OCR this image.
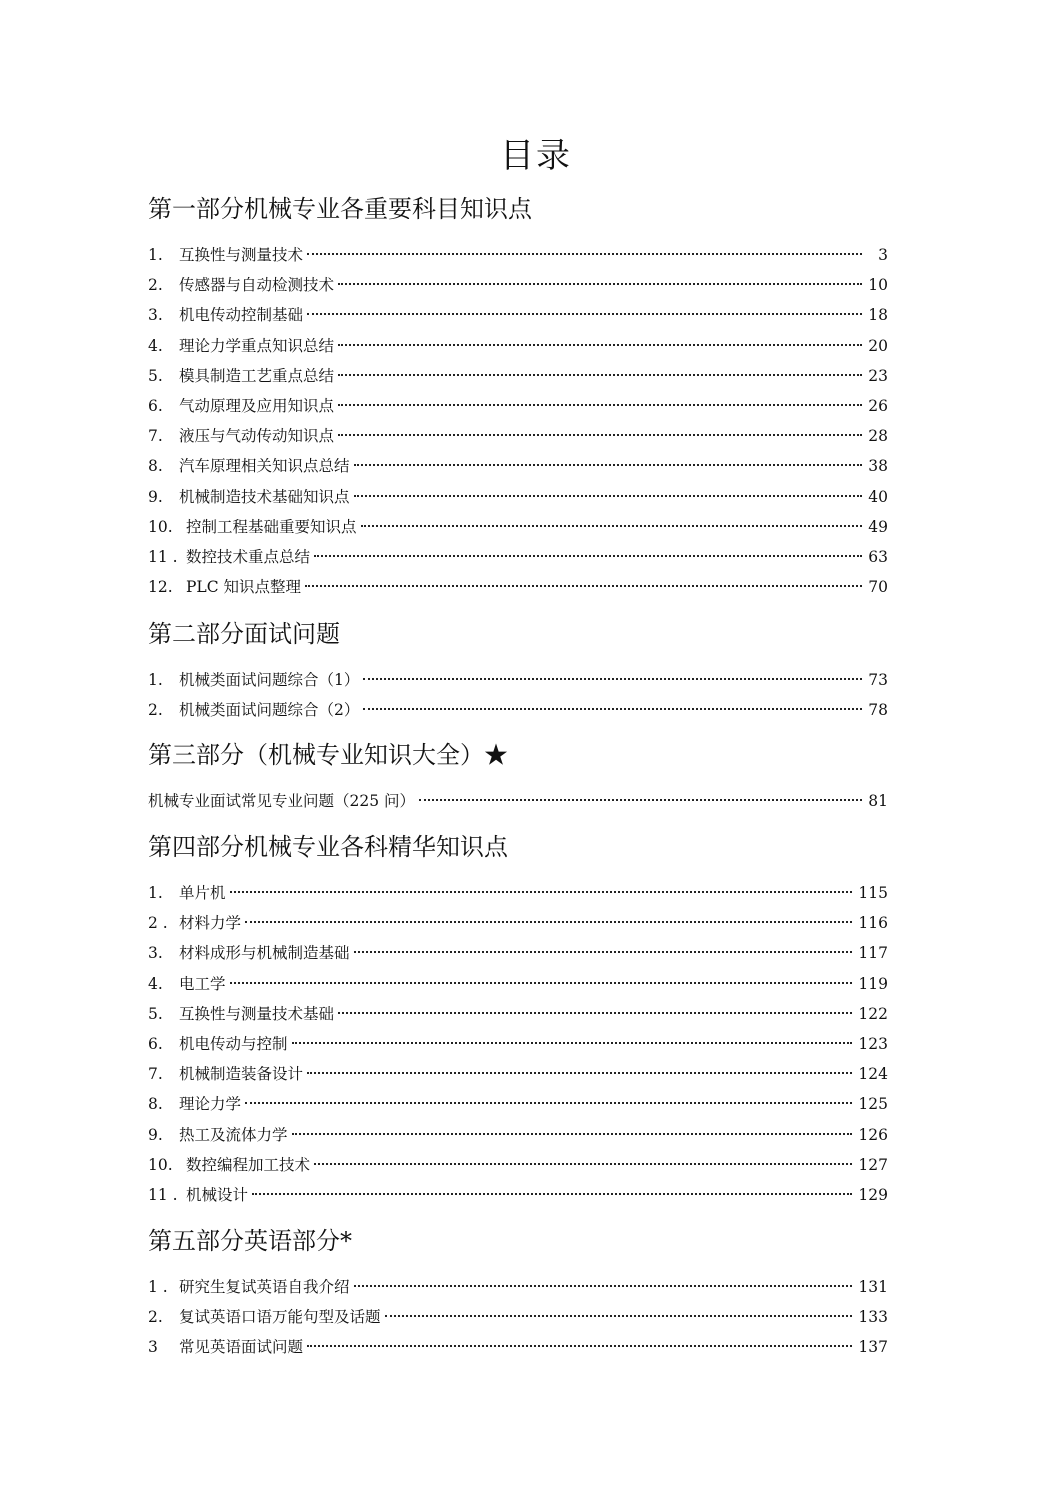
目录
第一部分机械专业各重要科目知识点
1.	互换性与测量技术	3
2.	传感器与自动检测技术	10
3.	机电传动控制基础	18
4.	理论力学重点知识总结	20
5.	模具制造工艺重点总结	23
6.	气动原理及应用知识点	26
7.	液压与气动传动知识点	28
8.	汽车原理相关知识点总结	38
9.	机械制造技术基础知识点	40
10. 控制工程基础重要知识点	49
11 . 数控技术重点总结	63
12. PLC 知识点整理	70
第二部分面试问题
1.	机械类面试问题综合（1）	73
2.	机械类面试问题综合（2）	78
第三部分（机械专业知识大全）★
机械专业面试常见专业问题（225 问）	81
第四部分机械专业各科精华知识点
1.	单片机	115
2 . 材料力学	116
3.	材料成形与机械制造基础	117
4.	电工学	119
5.	互换性与测量技术基础	122
6.	机电传动与控制	123
7.	机械制造装备设计	124
8.	理论力学	125
9.	热工及流体力学	126
10. 数控编程加工技术	127
11 . 机械设计	129
第五部分英语部分*
1 . 研究生复试英语自我介绍	131
2.	复试英语口语万能句型及话题	133
3	常见英语面试问题	137
